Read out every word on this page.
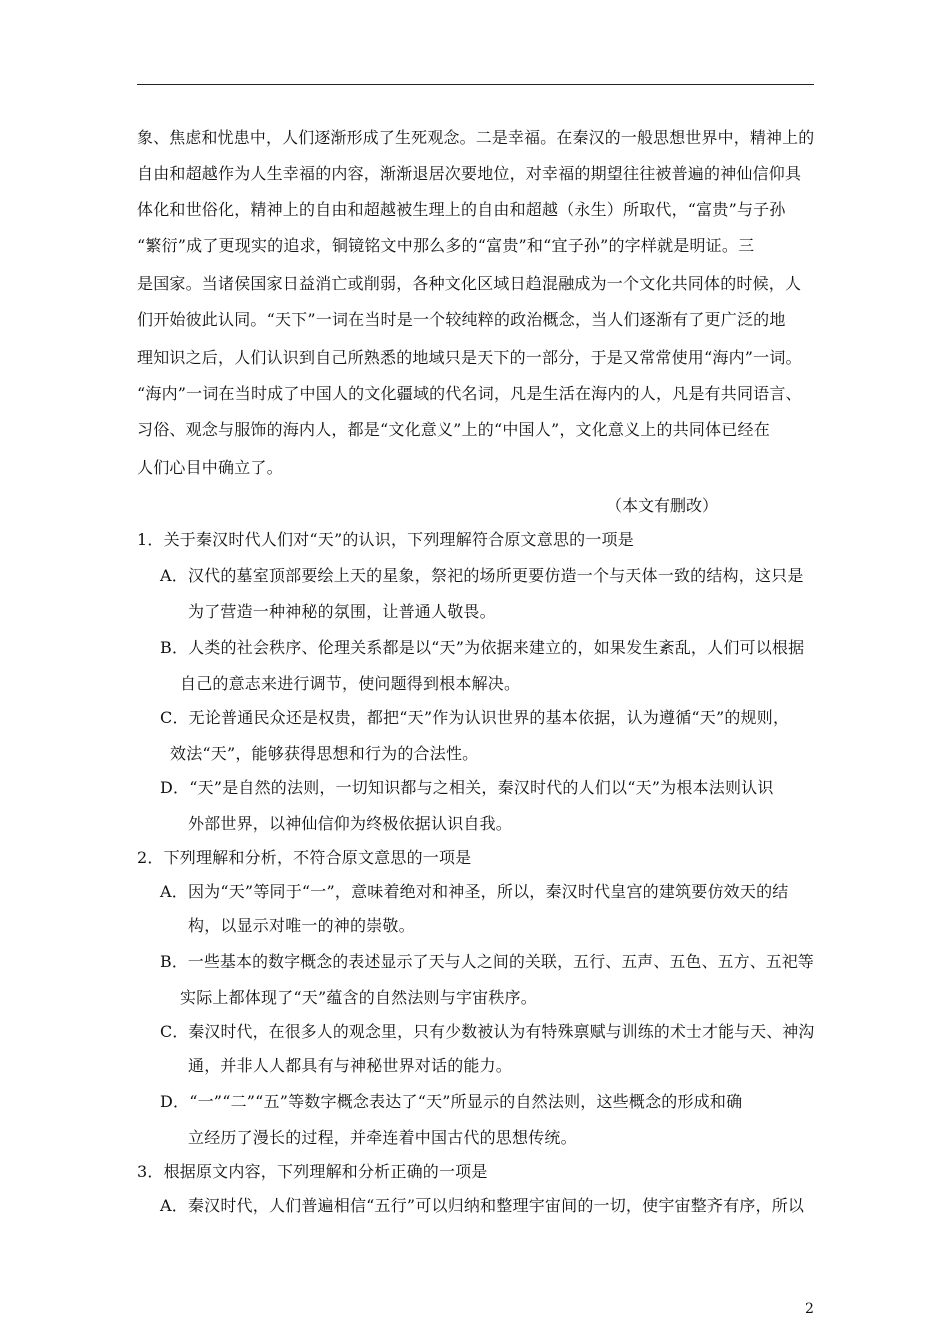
象、焦虑和忧患中，人们逐渐形成了生死观念。二是幸福。在秦汉的一般思想世界中，精神上的
自由和超越作为人生幸福的内容，渐渐退居次要地位，对幸福的期望往往被普遍的神仙信仰具
体化和世俗化，精神上的自由和超越被生理上的自由和超越（永生）所取代，“富贵”与子孙
“繁衍”成了更现实的追求，铜镜铭文中那么多的“富贵”和“宜子孙”的字样就是明证。三
是国家。当诸侯国家日益消亡或削弱，各种文化区域日趋混融成为一个文化共同体的时候，人
们开始彼此认同。“天下”一词在当时是一个较纯粹的政治概念，当人们逐渐有了更广泛的地
理知识之后，人们认识到自己所熟悉的地域只是天下的一部分，于是又常常使用“海内”一词。
“海内”一词在当时成了中国人的文化疆域的代名词，凡是生活在海内的人，凡是有共同语言、
习俗、观念与服饰的海内人，都是“文化意义”上的“中国人”，文化意义上的共同体已经在
人们心目中确立了。
（本文有删改）
1．关于秦汉时代人们对“天”的认识，下列理解符合原文意思的一项是
A．汉代的墓室顶部要绘上天的星象，祭祀的场所更要仿造一个与天体一致的结构，这只是
为了营造一种神秘的氛围，让普通人敬畏。
B．人类的社会秩序、伦理关系都是以“天”为依据来建立的，如果发生紊乱，人们可以根据
自己的意志来进行调节，使问题得到根本解决。
C．无论普通民众还是权贵，都把“天”作为认识世界的基本依据，认为遵循“天”的规则，
效法“天”，能够获得思想和行为的合法性。
D．“天”是自然的法则，一切知识都与之相关，秦汉时代的人们以“天”为根本法则认识
外部世界，以神仙信仰为终极依据认识自我。
2．下列理解和分析，不符合原文意思的一项是
A．因为“天”等同于“一”，意味着绝对和神圣，所以，秦汉时代皇宫的建筑要仿效天的结
构，以显示对唯一的神的崇敬。
B．一些基本的数字概念的表述显示了天与人之间的关联，五行、五声、五色、五方、五祀等
实际上都体现了“天”蕴含的自然法则与宇宙秩序。
C．秦汉时代，在很多人的观念里，只有少数被认为有特殊禀赋与训练的术士才能与天、神沟
通，并非人人都具有与神秘世界对话的能力。
D．“一”“二”“五”等数字概念表达了“天”所显示的自然法则，这些概念的形成和确
立经历了漫长的过程，并牵连着中国古代的思想传统。
3．根据原文内容，下列理解和分析正确的一项是
A．秦汉时代，人们普遍相信“五行”可以归纳和整理宇宙间的一切，使宇宙整齐有序，所以
2
